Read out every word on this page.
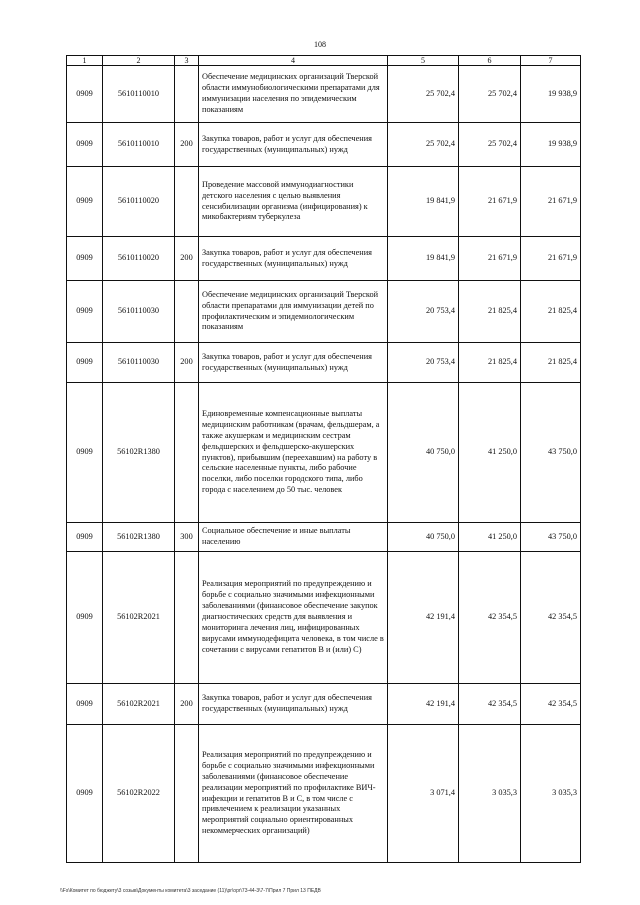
108
1	2	3	4	5	6	7
0909	5610110010		Обеспечение медицинских организаций Тверской области иммунобиологическими препаратами для иммунизации населения по эпидемическим показаниям	25 702,4	25 702,4	19 938,9
0909	5610110010	200	Закупка товаров, работ и услуг для обеспечения государственных (муниципальных) нужд	25 702,4	25 702,4	19 938,9
0909	5610110020		Проведение массовой иммунодиагностики детского населения с целью выявления сенсибилизации организма (инфицирования) к микобактериям туберкулеза	19 841,9	21 671,9	21 671,9
0909	5610110020	200	Закупка товаров, работ и услуг для обеспечения государственных (муниципальных) нужд	19 841,9	21 671,9	21 671,9
0909	5610110030		Обеспечение медицинских организаций Тверской области препаратами для иммунизации детей по профилактическим и эпидемиологическим показаниям	20 753,4	21 825,4	21 825,4
0909	5610110030	200	Закупка товаров, работ и услуг для обеспечения государственных (муниципальных) нужд	20 753,4	21 825,4	21 825,4
0909	56102R1380		Единовременные компенсационные выплаты медицинским работникам (врачам, фельдшерам, а также акушеркам и медицинским сестрам фельдшерских и фельдшерско-акушерских пунктов), прибывшим (переехавшим) на работу в сельские населенные пункты, либо рабочие поселки, либо поселки городского типа, либо города с населением до 50 тыс. человек	40 750,0	41 250,0	43 750,0
0909	56102R1380	300	Социальное обеспечение и иные выплаты населению	40 750,0	41 250,0	43 750,0
0909	56102R2021		Реализация мероприятий по предупреждению и борьбе с социально значимыми инфекционными заболеваниями (финансовое обеспечение закупок диагностических средств для выявления и мониторинга лечения лиц, инфицированных вирусами иммунодефицита человека, в том числе в сочетании с вирусами гепатитов B и (или) C)	42 191,4	42 354,5	42 354,5
0909	56102R2021	200	Закупка товаров, работ и услуг для обеспечения государственных (муниципальных) нужд	42 191,4	42 354,5	42 354,5
0909	56102R2022		Реализация мероприятий по предупреждению и борьбе с социально значимыми инфекционными заболеваниями (финансовое обеспечение реализации мероприятий по профилактике ВИЧ-инфекции и гепатитов B и C, в том числе с привлечением к реализации указанных мероприятий социально ориентированных некоммерческих организаций)	3 071,4	3 035,3	3 035,3
\\Fs\Комитет по бюджету\3 созыв\Документы комитета\3 заседание (11)\pr\opr\73-44-3\7-7\Прил 7 Прил 13 ПЕДВ
